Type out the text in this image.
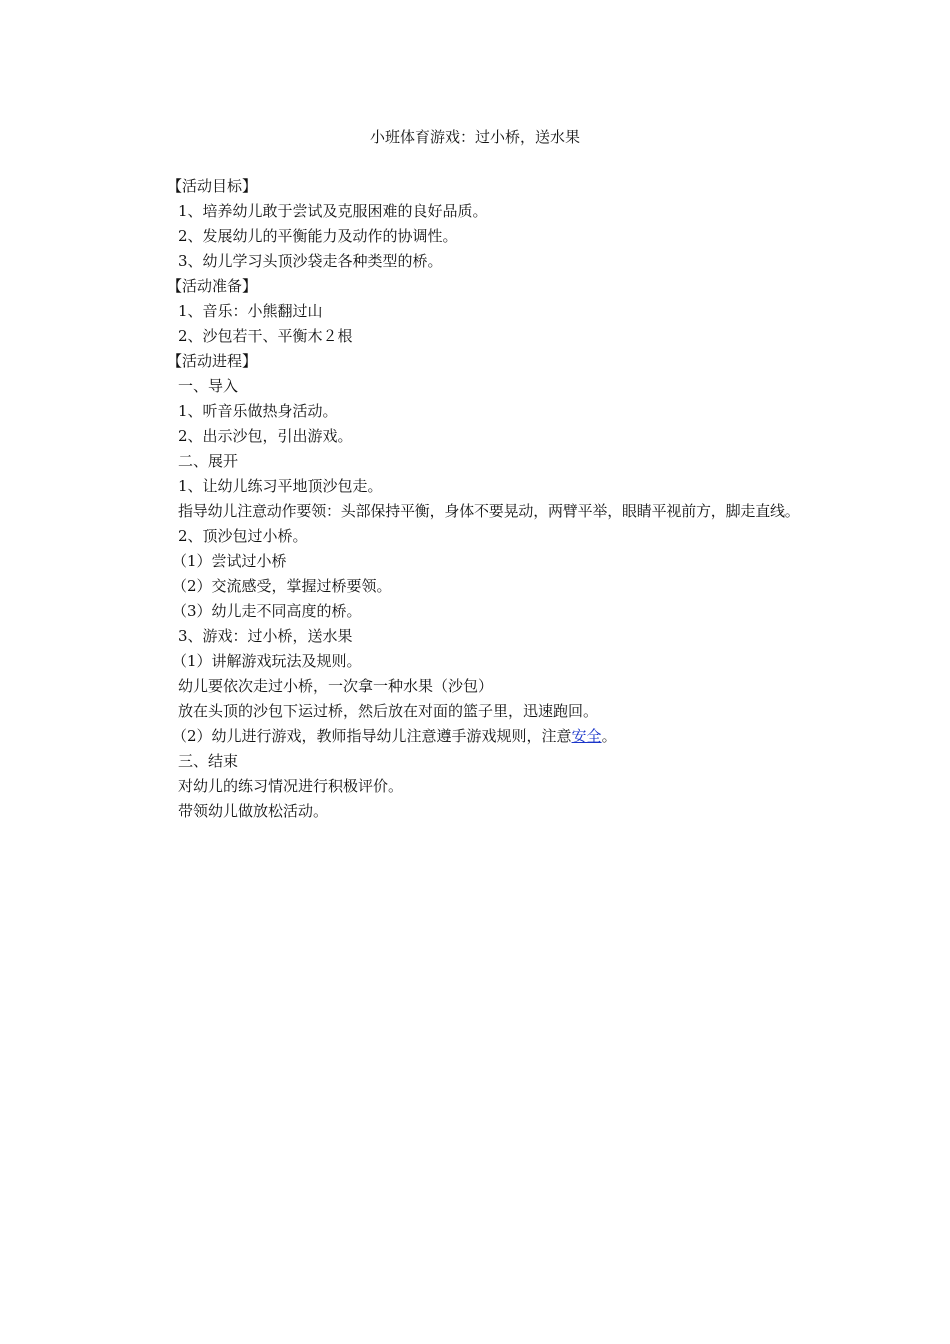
小班体育游戏：过小桥，送水果
【活动目标】
1、培养幼儿敢于尝试及克服困难的良好品质。
2、发展幼儿的平衡能力及动作的协调性。
3、幼儿学习头顶沙袋走各种类型的桥。
【活动准备】
1、音乐：小熊翻过山
2、沙包若干、平衡木２根
【活动进程】
一、导入
1、听音乐做热身活动。
2、出示沙包，引出游戏。
二、展开
1、让幼儿练习平地顶沙包走。
指导幼儿注意动作要领：头部保持平衡，身体不要晃动，两臂平举，眼睛平视前方，脚走直线。
2、顶沙包过小桥。
（1）尝试过小桥
（2）交流感受，掌握过桥要领。
（3）幼儿走不同高度的桥。
3、游戏：过小桥，送水果
（1）讲解游戏玩法及规则。
幼儿要依次走过小桥，一次拿一种水果（沙包）
放在头顶的沙包下运过桥，然后放在对面的篮子里，迅速跑回。
（2）幼儿进行游戏，教师指导幼儿注意遵手游戏规则，注意安全。
三、结束
对幼儿的练习情况进行积极评价。
带领幼儿做放松活动。
